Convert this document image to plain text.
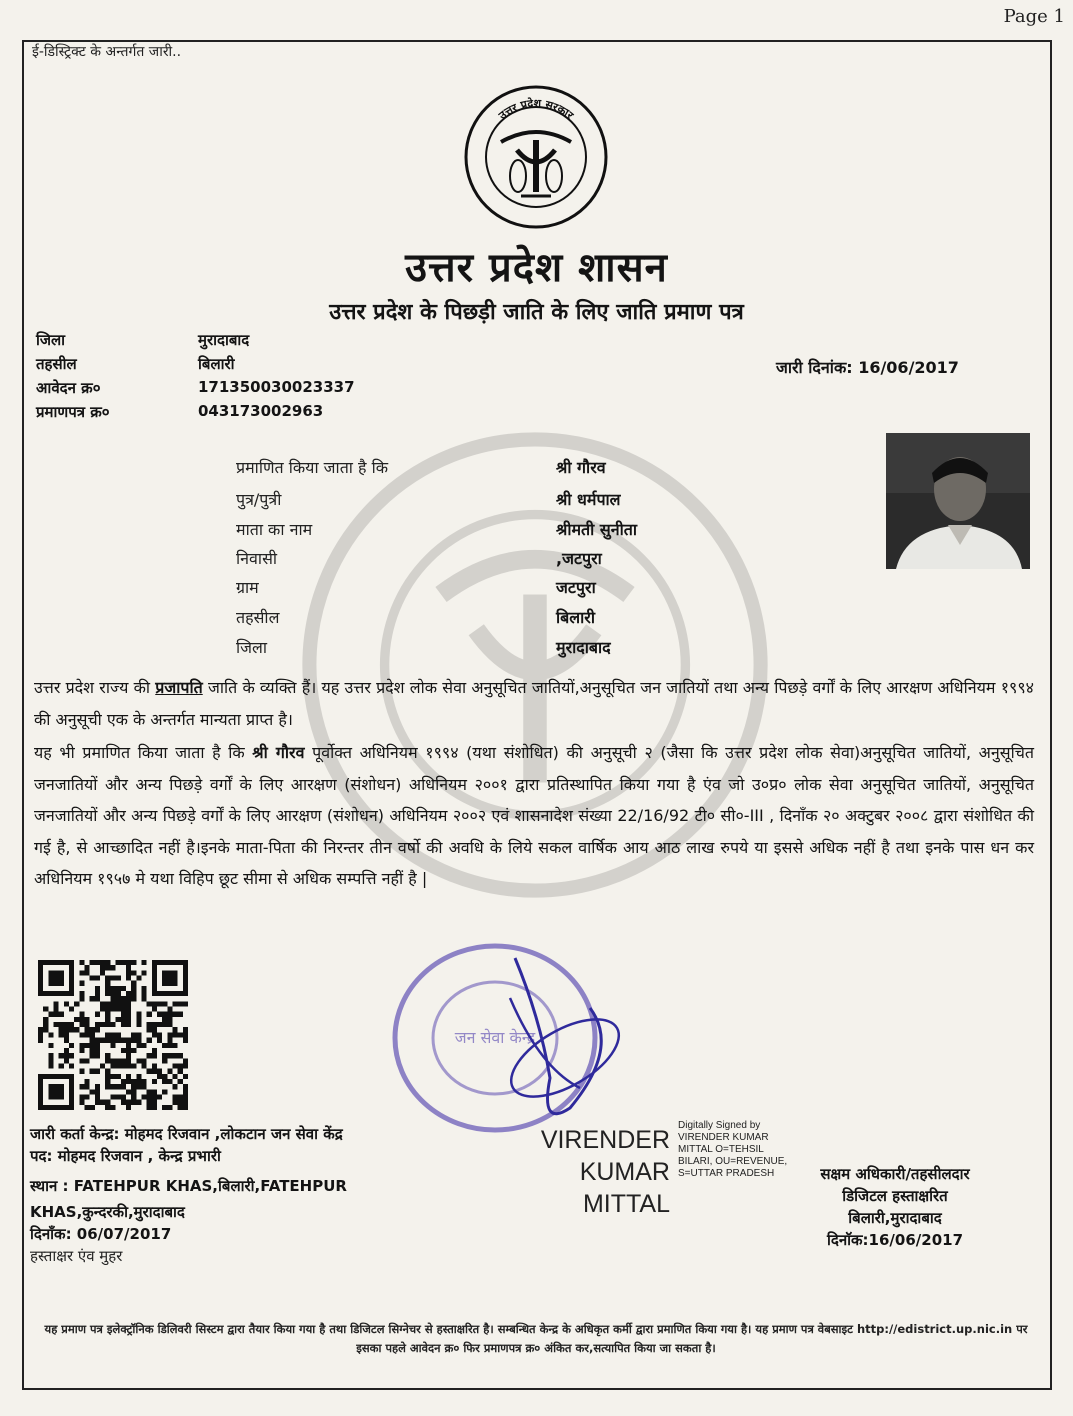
Page 1
ई-डिस्ट्रिक्ट के अन्तर्गत जारी..
उत्तर प्रदेश सरकार
उत्तर प्रदेश शासन
उत्तर प्रदेश के पिछड़ी जाति के लिए जाति प्रमाण पत्र
जिला	मुरादाबाद
तहसील	बिलारी
आवेदन क्र०	171350030023337
प्रमाणपत्र क्र०	043173002963
जारी दिनांक: 16/06/2017
प्रमाणित किया जाता है कि	श्री गौरव
पुत्र/पुत्री	श्री धर्मपाल
माता का नाम	श्रीमती सुनीता
निवासी	,जटपुरा
ग्राम	जटपुरा
तहसील	बिलारी
जिला	मुरादाबाद
उत्तर प्रदेश राज्य की प्रजापति जाति के व्यक्ति हैं। यह उत्तर प्रदेश लोक सेवा अनुसूचित जातियों,अनुसूचित जन जातियों तथा अन्य पिछड़े वर्गों के लिए आरक्षण अधिनियम १९९४ की अनुसूची एक के अन्तर्गत मान्यता प्राप्त है।
यह भी प्रमाणित किया जाता है कि श्री गौरव पूर्वोक्त अधिनियम १९९४ (यथा संशोधित) की अनुसूची २ (जैसा कि उत्तर प्रदेश लोक सेवा)अनुसूचित जातियों, अनुसूचित जनजातियों और अन्य पिछड़े वर्गों के लिए आरक्षण (संशोधन) अधिनियम २००१ द्वारा प्रतिस्थापित किया गया है एंव जो उ०प्र० लोक सेवा अनुसूचित जातियों, अनुसूचित जनजातियों और अन्य पिछड़े वर्गों के लिए आरक्षण (संशोधन) अधिनियम २००२ एवं शासनादेश संख्या 22/16/92 टी० सी०-III , दिनाँक २० अक्टुबर २००८ द्वारा संशोधित की गई है, से आच्छादित नहीं है।इनके माता-पिता की निरन्तर तीन वर्षो की अवधि के लिये सकल वार्षिक आय आठ लाख रुपये या इससे अधिक नहीं है तथा इनके पास धन कर अधिनियम १९५७ मे यथा विहिप छूट सीमा से अधिक सम्पत्ति नहीं है |
जन सेवा केन्द्र
जारी कर्ता केन्द्र: मोहमद रिजवान ,लोकटान जन सेवा केंद्र
पद: मोहमद रिजवान , केन्द्र प्रभारी
स्थान : FATEHPUR KHAS,बिलारी,FATEHPUR
KHAS,कुन्दरकी,मुरादाबाद
दिनाँक: 06/07/2017
हस्ताक्षर एंव मुहर
VIRENDER
KUMAR
MITTAL
Digitally Signed by VIRENDER KUMAR MITTAL O=TEHSIL BILARI, OU=REVENUE, S=UTTAR PRADESH	सक्षम अधिकारी/तहसीलदार
डिजिटल हस्ताक्षरित
बिलारी,मुरादाबाद
दिनाॅक:16/06/2017
यह प्रमाण पत्र इलेक्ट्रॉनिक डिलिवरी सिस्टम द्वारा तैयार किया गया है तथा डिजिटल सिग्नेचर से हस्ताक्षरित है। सम्बन्धित केन्द्र के अधिकृत कर्मी द्वारा प्रमाणित किया गया है। यह प्रमाण पत्र वेबसाइट http://edistrict.up.nic.in पर इसका पहले आवेदन क्र० फिर प्रमाणपत्र क्र० अंकित कर,सत्यापित किया जा सकता है।
